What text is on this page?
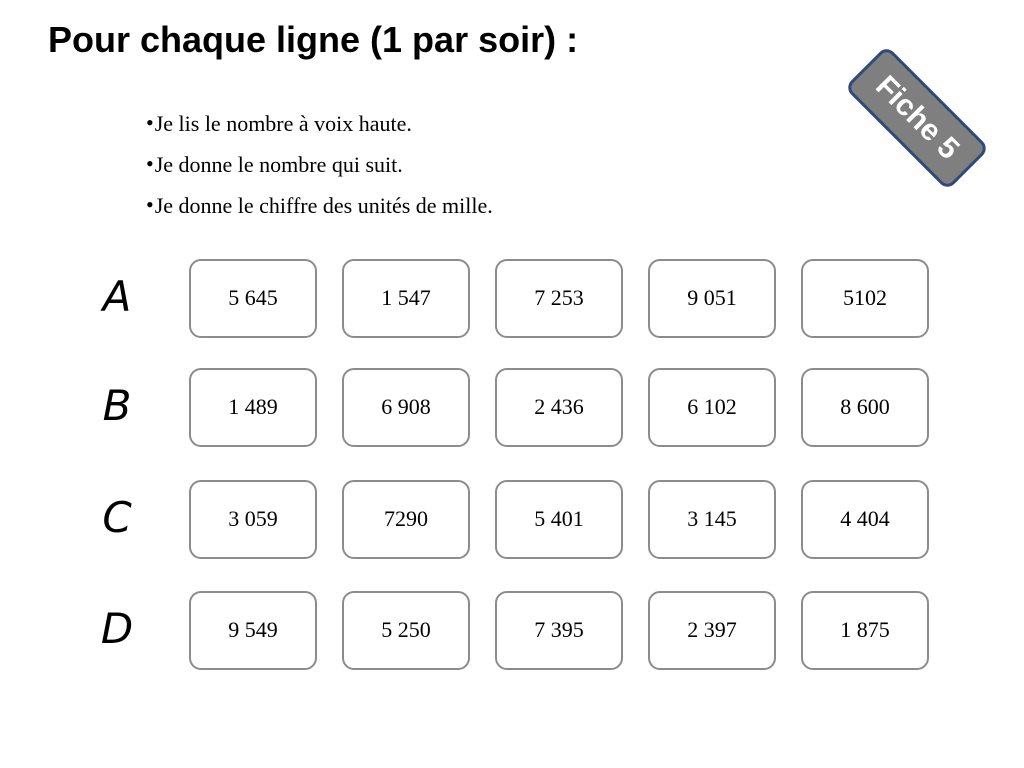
Pour chaque ligne (1 par soir) :
•Je lis le nombre à voix haute.
•Je donne le nombre qui suit.
•Je donne le chiffre des unités de mille.
Fiche 5
A	5 645	1 547	7 253	9 051	5102
B	1 489	6 908	2 436	6 102	8 600
C	3 059	7290	5 401	3 145	4 404
D	9 549	5 250	7 395	2 397	1 875
